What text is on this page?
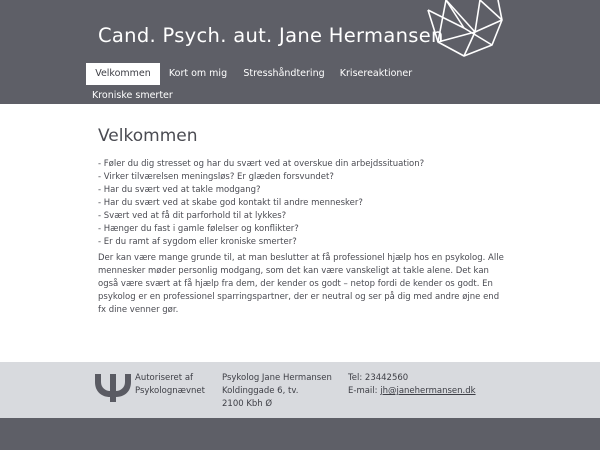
Cand. Psych. aut. Jane Hermansen
Velkommen	Kort om mig	Stresshåndtering	Krisereaktioner
Kroniske smerter
Velkommen
- Føler du dig stresset og har du svært ved at overskue din arbejdssituation?
- Virker tilværelsen meningsløs? Er glæden forsvundet?
- Har du svært ved at takle modgang?
- Har du svært ved at skabe god kontakt til andre mennesker?
- Svært ved at få dit parforhold til at lykkes?
- Hænger du fast i gamle følelser og konflikter?
- Er du ramt af sygdom eller kroniske smerter?

Der kan være mange grunde til, at man beslutter at få professionel hjælp hos en psykolog. Alle mennesker møder personlig modgang, som det kan være vanskeligt at takle alene. Det kan også være svært at få hjælp fra dem, der kender os godt – netop fordi de kender os godt. En psykolog er en professionel sparringspartner, der er neutral og ser på dig med andre øjne end fx dine venner gør.

Autoriseret af
Psykolognævnet
Psykolog Jane Hermansen
Koldinggade 6, tv.
2100 Kbh Ø
Tel: 23442560
E-mail: jh@janehermansen.dk
